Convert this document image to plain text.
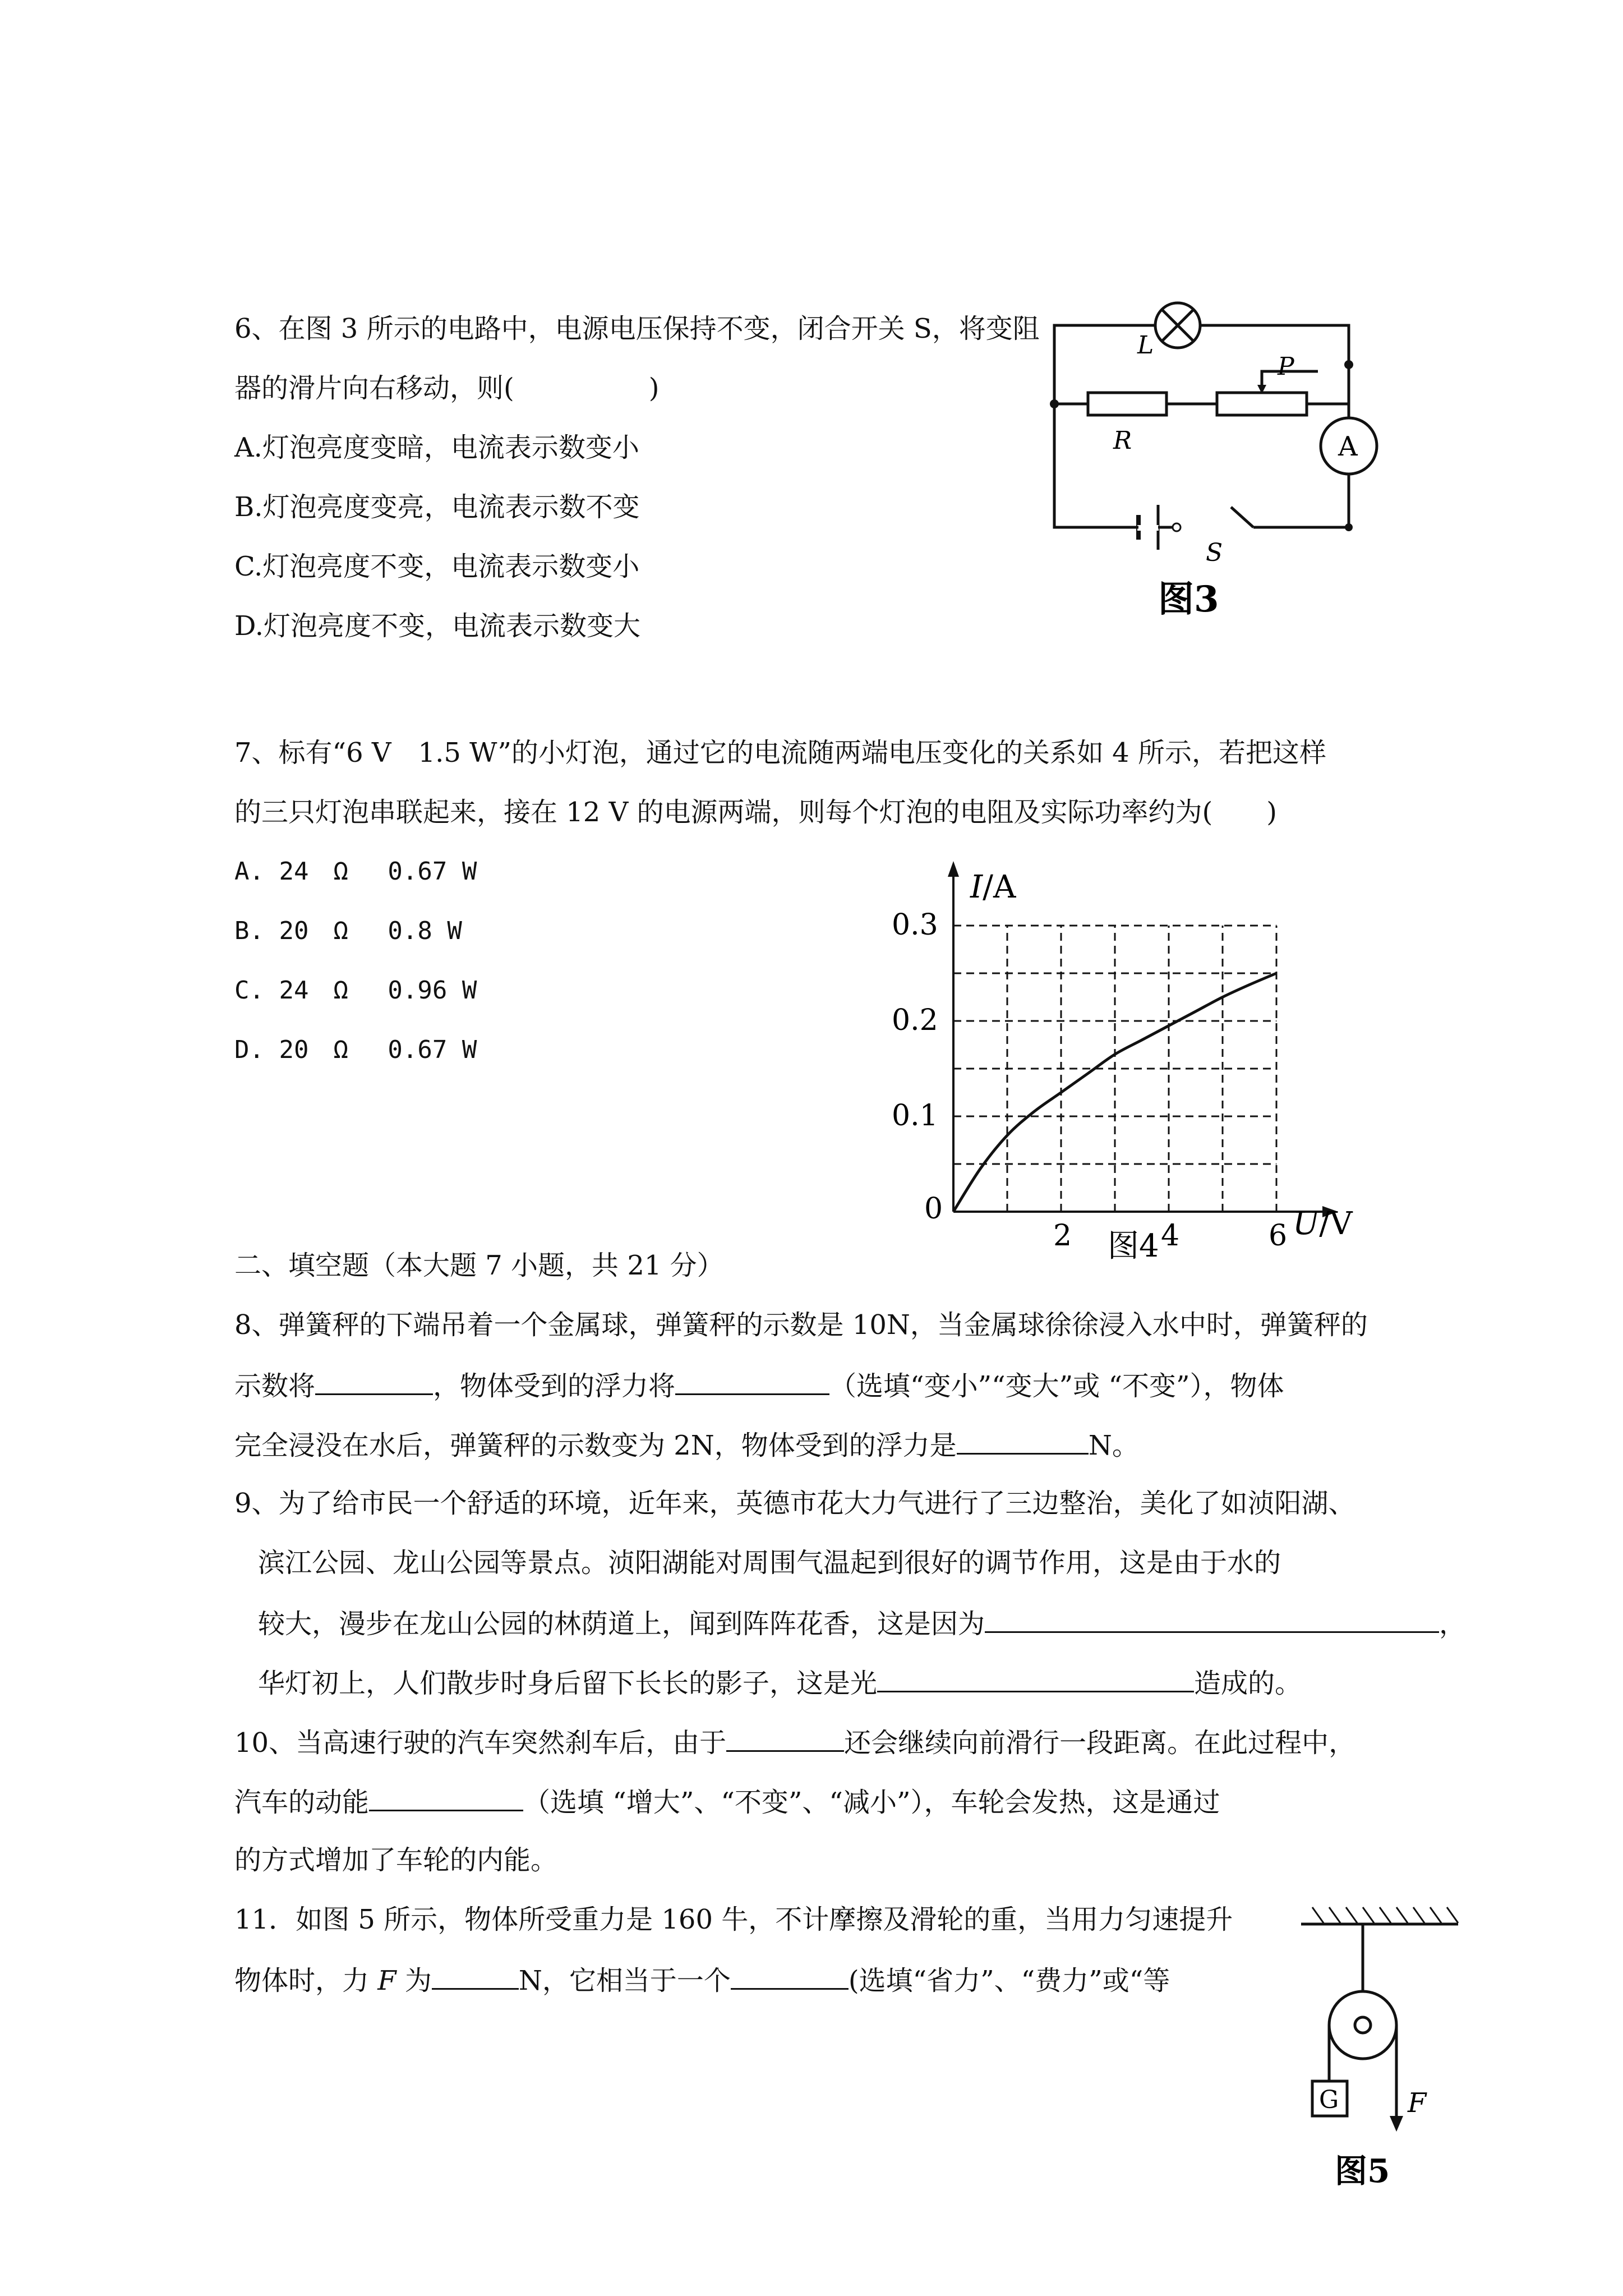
6、在图 3 所示的电路中，电源电压保持不变，闭合开关 S，将变阻
器的滑片向右移动，则(　　　　　)
A.灯泡亮度变暗，电流表示数变小
B.灯泡亮度变亮，电流表示数不变
C.灯泡亮度不变，电流表示数变小
D.灯泡亮度不变，电流表示数变大
L
R
P
A
S
图3
7、标有“6 V　1.5 W”的小灯泡，通过它的电流随两端电压变化的关系如 4 所示，若把这样
的三只灯泡串联起来，接在 12 V 的电源两端，则每个灯泡的电阻及实际功率约为(　　)
A. 24　Ω　 0.67 W
B. 20　Ω　 0.8 W
C. 24　Ω　 0.96 W
D. 20　Ω　 0.67 W
0
2	4	6
0.1
0.2
0.3
I/A
U/V
图4
二、填空题（本大题 7 小题，共 21 分）
8、弹簧秤的下端吊着一个金属球，弹簧秤的示数是 10N，当金属球徐徐浸入水中时，弹簧秤的
示数将	，物体受到的浮力将	（选填“变小”“变大”或 “不变”），物体
完全浸没在水后，弹簧秤的示数变为 2N，物体受到的浮力是	N。
9、为了给市民一个舒适的环境，近年来，英德市花大力气进行了三边整治，美化了如浈阳湖、
滨江公园、龙山公园等景点。浈阳湖能对周围气温起到很好的调节作用，这是由于水的
较大，漫步在龙山公园的林荫道上，闻到阵阵花香，这是因为	，
华灯初上，人们散步时身后留下长长的影子，这是光	造成的。
10、当高速行驶的汽车突然刹车后，由于	还会继续向前滑行一段距离。在此过程中，
汽车的动能	（选填 “增大”、“不变”、“减小”），车轮会发热，这是通过
的方式增加了车轮的内能。
11．如图 5 所示，物体所受重力是 160 牛，不计摩擦及滑轮的重，当用力匀速提升
物体时，力 F 为	N，它相当于一个	(选填“省力”、“费力”或“等
F
G
图5
